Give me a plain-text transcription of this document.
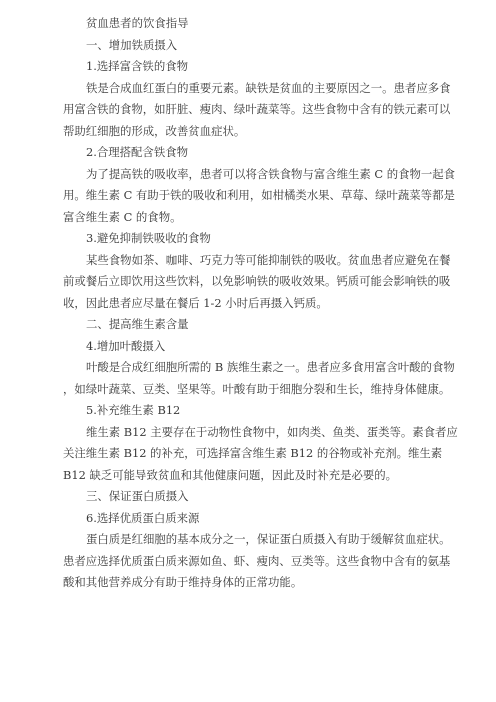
贫血患者的饮食指导
一、增加铁质摄入
1.选择富含铁的食物
铁是合成血红蛋白的重要元素。缺铁是贫血的主要原因之一。患者应多食
用富含铁的食物，如肝脏、瘦肉、绿叶蔬菜等。这些食物中含有的铁元素可以
帮助红细胞的形成，改善贫血症状。
2.合理搭配含铁食物
为了提高铁的吸收率，患者可以将含铁食物与富含维生素 C 的食物一起食
用。维生素 C 有助于铁的吸收和利用，如柑橘类水果、草莓、绿叶蔬菜等都是
富含维生素 C 的食物。
3.避免抑制铁吸收的食物
某些食物如茶、咖啡、巧克力等可能抑制铁的吸收。贫血患者应避免在餐
前或餐后立即饮用这些饮料，以免影响铁的吸收效果。钙质可能会影响铁的吸
收，因此患者应尽量在餐后 1-2 小时后再摄入钙质。
二、提高维生素含量
4.增加叶酸摄入
叶酸是合成红细胞所需的 B 族维生素之一。患者应多食用富含叶酸的食物
，如绿叶蔬菜、豆类、坚果等。叶酸有助于细胞分裂和生长，维持身体健康。
5.补充维生素 B12
维生素 B12 主要存在于动物性食物中，如肉类、鱼类、蛋类等。素食者应
关注维生素 B12 的补充，可选择富含维生素 B12 的谷物或补充剂。维生素
B12 缺乏可能导致贫血和其他健康问题，因此及时补充是必要的。
三、保证蛋白质摄入
6.选择优质蛋白质来源
蛋白质是红细胞的基本成分之一，保证蛋白质摄入有助于缓解贫血症状。
患者应选择优质蛋白质来源如鱼、虾、瘦肉、豆类等。这些食物中含有的氨基
酸和其他营养成分有助于维持身体的正常功能。
